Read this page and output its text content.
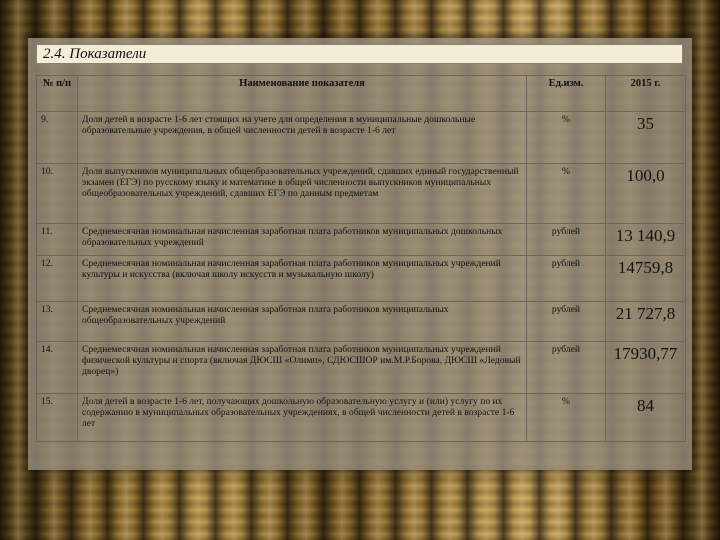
2.4. Показатели
№ п/п	Наименование показателя	Ед.изм.	2015 г.
9.	Доля детей в возрасте 1-6 лет стоящих на учете для определения в муниципальные дошкольные образовательные учреждения, в общей численности детей в возрасте 1-6 лет	%	35
10.	Доля выпускников муниципальных общеобразовательных учреждений, сдавших единый государственный экзамен (ЕГЭ) по русскому языку и математике в общей численности выпускников муниципальных общеобразовательных учреждений, сдавших ЕГЭ по данным предметам	%	100,0
11.	Среднемесячная номинальная начисленная заработная плата работников муниципальных дошкольных образовательных учреждений	рублей	13 140,9
12.	Среднемесячная номинальная начисленная заработная плата работников муниципальных учреждений культуры и искусства (включая школу искусств и музыкальную школу)	рублей	14759,8
13.	Среднемесячная номинальная начисленная заработная плата работников муниципальных общеобразовательных учреждений	рублей	21 727,8
14.	Среднемесячная номинальная начисленная заработная плата работников муниципальных учреждений физической культуры и спорта (включая ДЮСШ «Олимп», СДЮСШОР им.М.Р.Борова, ДЮСШ «Ледовый дворец»)	рублей	17930,77
15.	Доля детей в возрасте 1-6 лет, получающих дошкольную образовательную услугу и (или) услугу по их содержанию в муниципальных образовательных учреждениях, в общей численности детей в возрасте 1-6 лет	%	84
